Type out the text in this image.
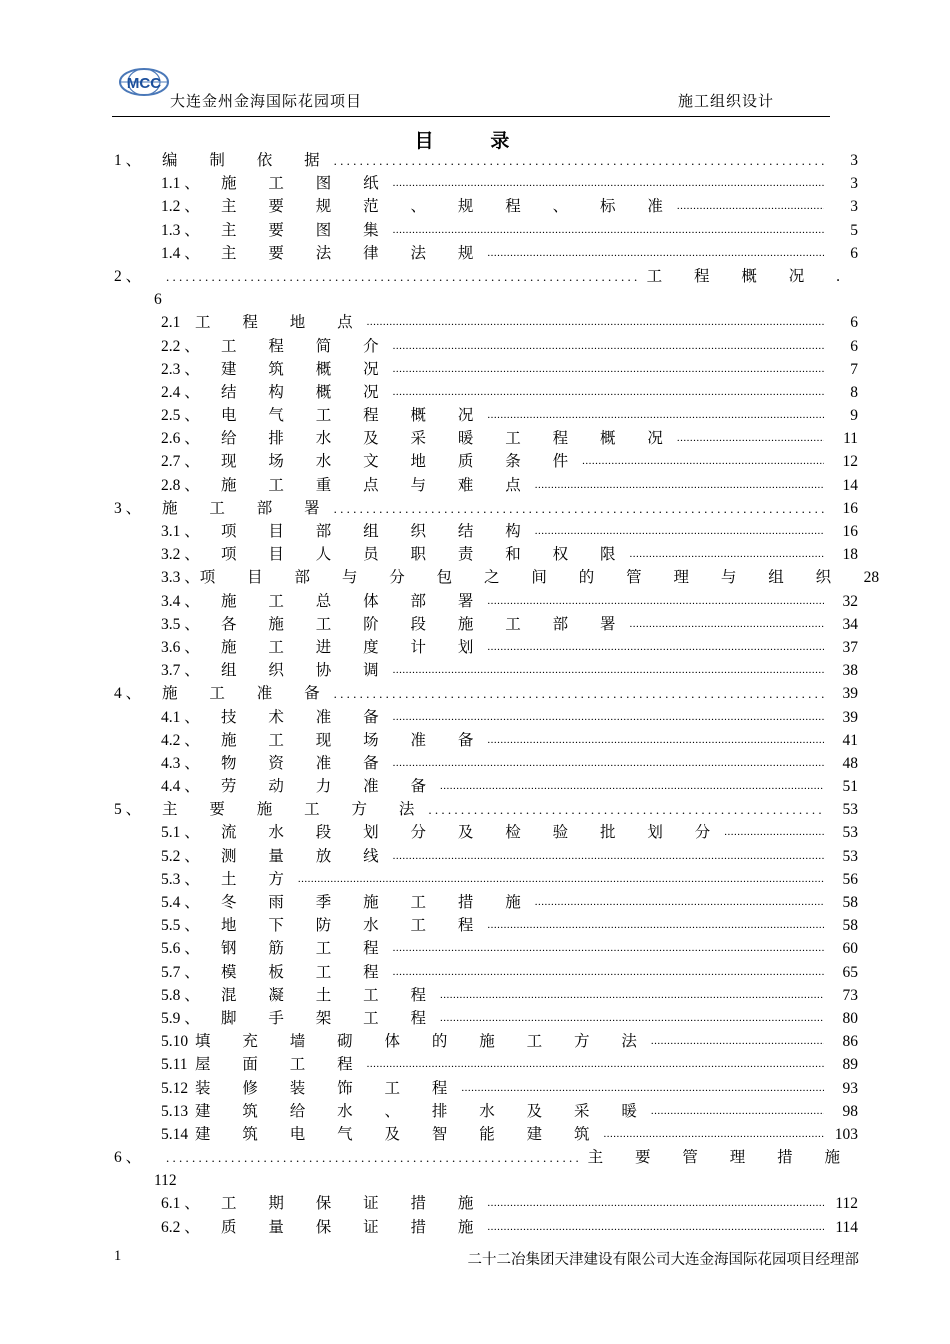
MCC
大连金州金海国际花园项目	施工组织设计
目 录
1 、	编 制 依 据 . . .	3
1.1 、	施 工 图 纸 .....	3
1.2 、	主 要 规 范 、 规 程 、 标 准 .....	3
1.3 、	主 要 图 集 .....	5
1.4 、	主 要 法 律 法 规 .....	6
2 、 . . .	工 程 概 况 .
6
2.1 工 程 地 点 .....	6
2.2 、	工 程 简 介 .....	6
2.3 、	建 筑 概 况 .....	7
2.4 、	结 构 概 况 .....	8
2.5 、	电 气 工 程 概 况 .....	9
2.6 、	给 排 水 及 采 暖 工 程 概 况 .....	11
2.7 、	现 场 水 文 地 质 条 件 .....	12
2.8 、	施 工 重 点 与 难 点 .....	14
3 、	施 工 部 署 . . .	16
3.1 、	项 目 部 组 织 结 构 .....	16
3.2 、	项 目 人 员 职 责 和 权 限 .....	18
3.3 、 项 目 部 与 分 包 之 间 的 管 理 与 组 织	28
3.4 、	施 工 总 体 部 署 .....	32
3.5 、	各 施 工 阶 段 施 工 部 署 .....	34
3.6 、	施 工 进 度 计 划 .....	37
3.7 、	组 织 协 调 .....	38
4 、	施 工 准 备 . . .	39
4.1 、	技 术 准 备 .....	39
4.2 、	施 工 现 场 准 备 .....	41
4.3 、	物 资 准 备 .....	48
4.4 、	劳 动 力 准 备 .....	51
5 、	主 要 施 工 方 法 . . .	53
5.1 、	流 水 段 划 分 及 检 验 批 划 分 .....	53
5.2 、	测 量 放 线 .....	53
5.3 、	土 方 .....	56
5.4 、	冬 雨 季 施 工 措 施 .....	58
5.5 、	地 下 防 水 工 程 .....	58
5.6 、	钢 筋 工 程 .....	60
5.7 、	模 板 工 程 .....	65
5.8 、	混 凝 土 工 程 .....	73
5.9 、	脚 手 架 工 程 .....	80
5.10 填 充 墙 砌 体 的 施 工 方 法 .....	86
5.11 屋 面 工 程 .....	89
5.12 装 修 装 饰 工 程 .....	93
5.13 建 筑 给 水 、 排 水 及 采 暖 .....	98
5.14 建 筑 电 气 及 智 能 建 筑 .....	103
6 、 . . .	主 要 管 理 措 施
112
6.1 、	工 期 保 证 措 施 .....	112
6.2 、	质 量 保 证 措 施 .....	114
1	二十二冶集团天津建设有限公司大连金海国际花园项目经理部
